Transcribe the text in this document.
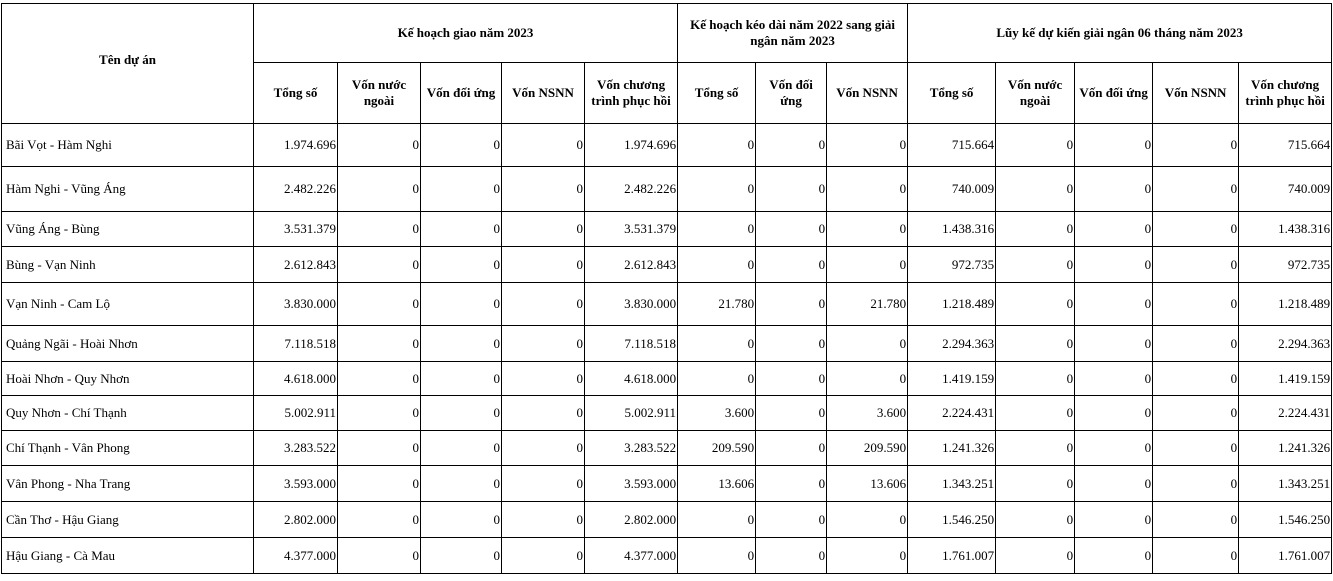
Tên dự án	Kế hoạch giao năm 2023					Kế hoạch kéo dài năm 2022 sang giải ngân năm 2023			Lũy kế dự kiến giải ngân 06 tháng năm 2023				
	Tổng số	Vốn nước ngoài	Vốn đối ứng	Vốn NSNN	Vốn chương trình phục hồi	Tổng số	Vốn đối ứng	Vốn NSNN	Tổng số	Vốn nước ngoài	Vốn đối ứng	Vốn NSNN	Vốn chương trình phục hồi
Bãi Vọt - Hàm Nghi	1.974.696	0	0	0	1.974.696	0	0	0	715.664	0	0	0	715.664
Hàm Nghi - Vũng Áng	2.482.226	0	0	0	2.482.226	0	0	0	740.009	0	0	0	740.009
Vũng Áng - Bùng	3.531.379	0	0	0	3.531.379	0	0	0	1.438.316	0	0	0	1.438.316
Bùng - Vạn Ninh	2.612.843	0	0	0	2.612.843	0	0	0	972.735	0	0	0	972.735
Vạn Ninh - Cam Lộ	3.830.000	0	0	0	3.830.000	21.780	0	21.780	1.218.489	0	0	0	1.218.489
Quảng Ngãi - Hoài Nhơn	7.118.518	0	0	0	7.118.518	0	0	0	2.294.363	0	0	0	2.294.363
Hoài Nhơn - Quy Nhơn	4.618.000	0	0	0	4.618.000	0	0	0	1.419.159	0	0	0	1.419.159
Quy Nhơn - Chí Thạnh	5.002.911	0	0	0	5.002.911	3.600	0	3.600	2.224.431	0	0	0	2.224.431
Chí Thạnh - Vân Phong	3.283.522	0	0	0	3.283.522	209.590	0	209.590	1.241.326	0	0	0	1.241.326
Vân Phong - Nha Trang	3.593.000	0	0	0	3.593.000	13.606	0	13.606	1.343.251	0	0	0	1.343.251
Cần Thơ - Hậu Giang	2.802.000	0	0	0	2.802.000	0	0	0	1.546.250	0	0	0	1.546.250
Hậu Giang - Cà Mau	4.377.000	0	0	0	4.377.000	0	0	0	1.761.007	0	0	0	1.761.007
